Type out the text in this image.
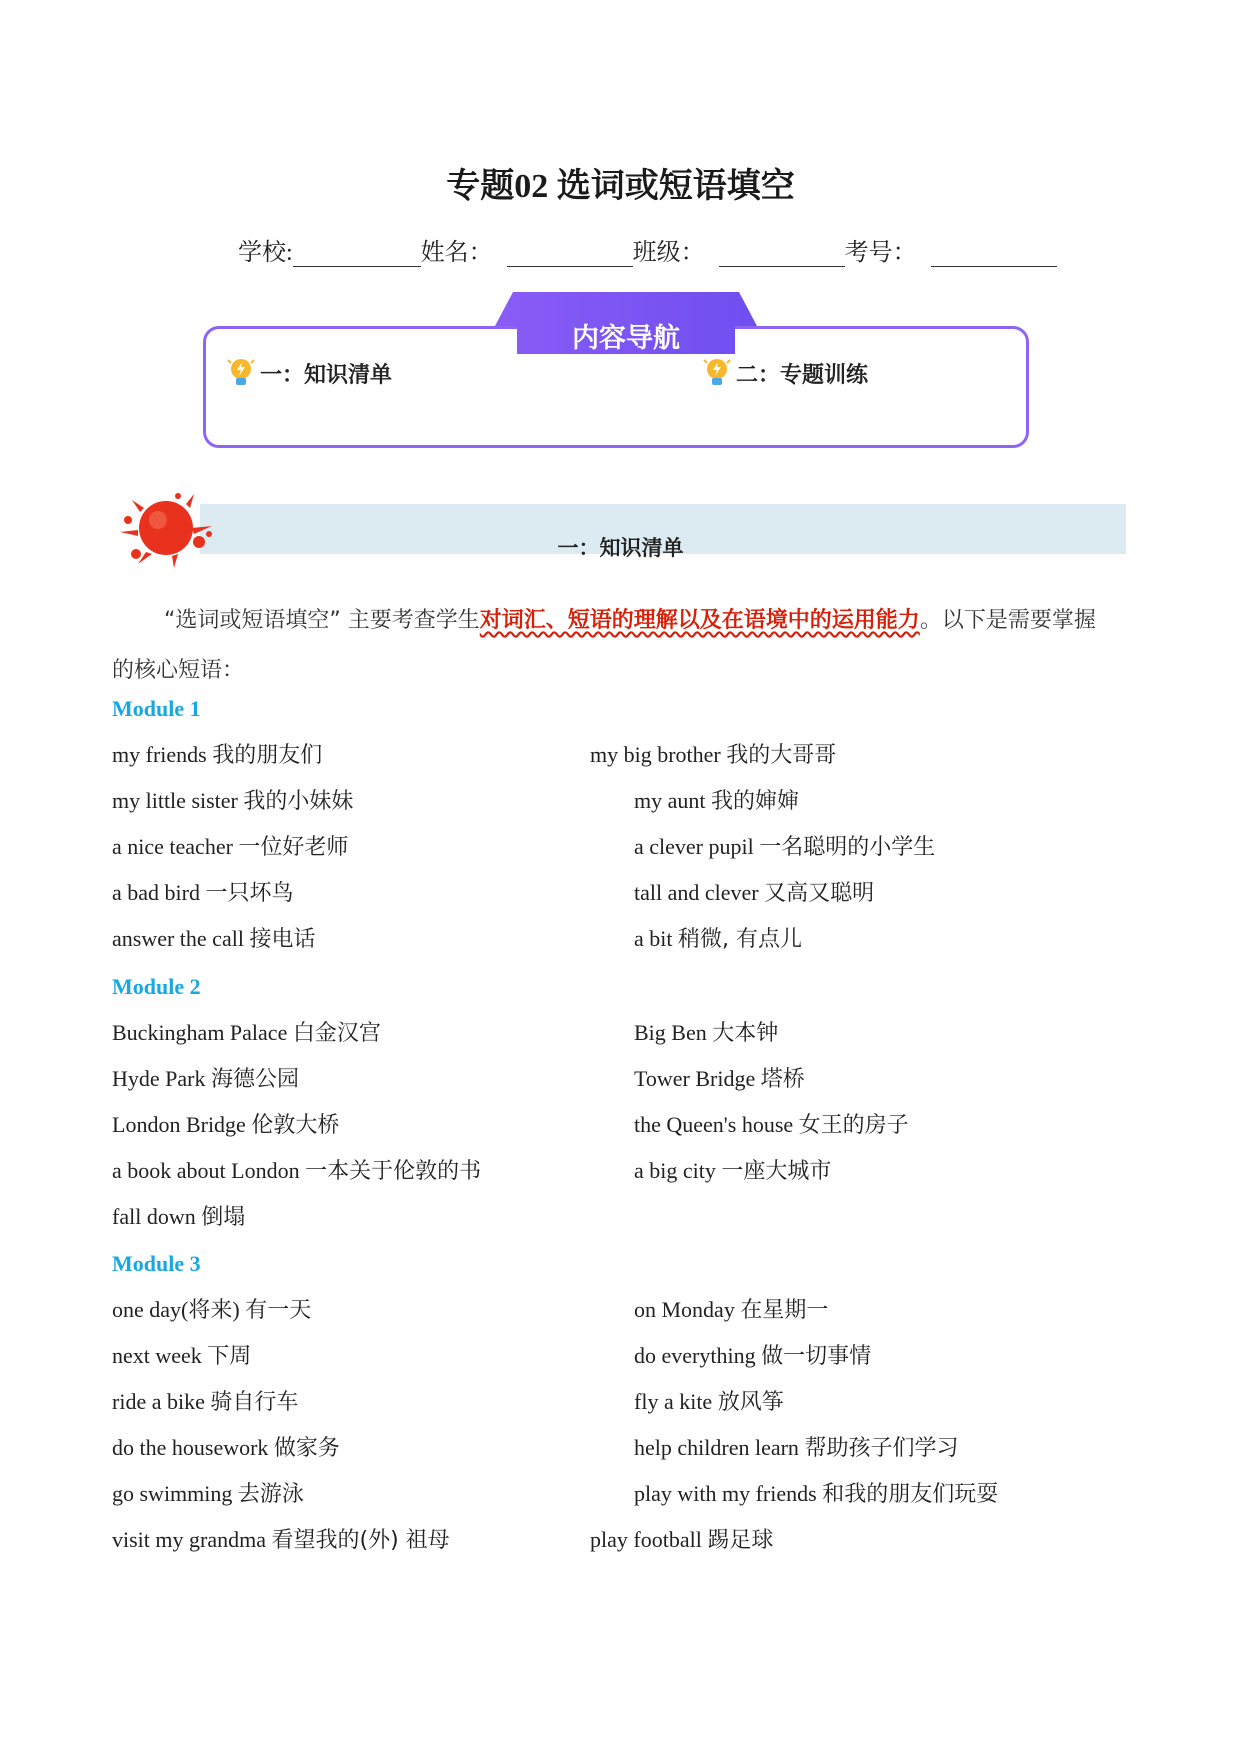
专题02 选词或短语填空
学校:	姓名：	班级：	考号：
内容导航
一：知识清单	二：专题训练
一：知识清单
“选词或短语填空” 主要考查学生对词汇、短语的理解以及在语境中的运用能力。以下是需要掌握的核心短语：
Module 1
my friends 我的朋友们	my big brother 我的大哥哥
my little sister 我的小妹妹	my aunt 我的婶婶
a nice teacher 一位好老师	a clever pupil 一名聪明的小学生
a bad bird 一只坏鸟	tall and clever 又高又聪明
answer the call 接电话	a bit 稍微, 有点儿
Module 2
Buckingham Palace 白金汉宫	Big Ben 大本钟
Hyde Park 海德公园	Tower Bridge 塔桥
London Bridge 伦敦大桥	the Queen's house 女王的房子
a book about London 一本关于伦敦的书	a big city 一座大城市
fall down 倒塌
Module 3
one day(将来) 有一天	on Monday 在星期一
next week 下周	do everything 做一切事情
ride a bike 骑自行车	fly a kite 放风筝
do the housework 做家务	help children learn 帮助孩子们学习
go swimming 去游泳	play with my friends 和我的朋友们玩耍
visit my grandma 看望我的(外) 祖母	play football 踢足球
